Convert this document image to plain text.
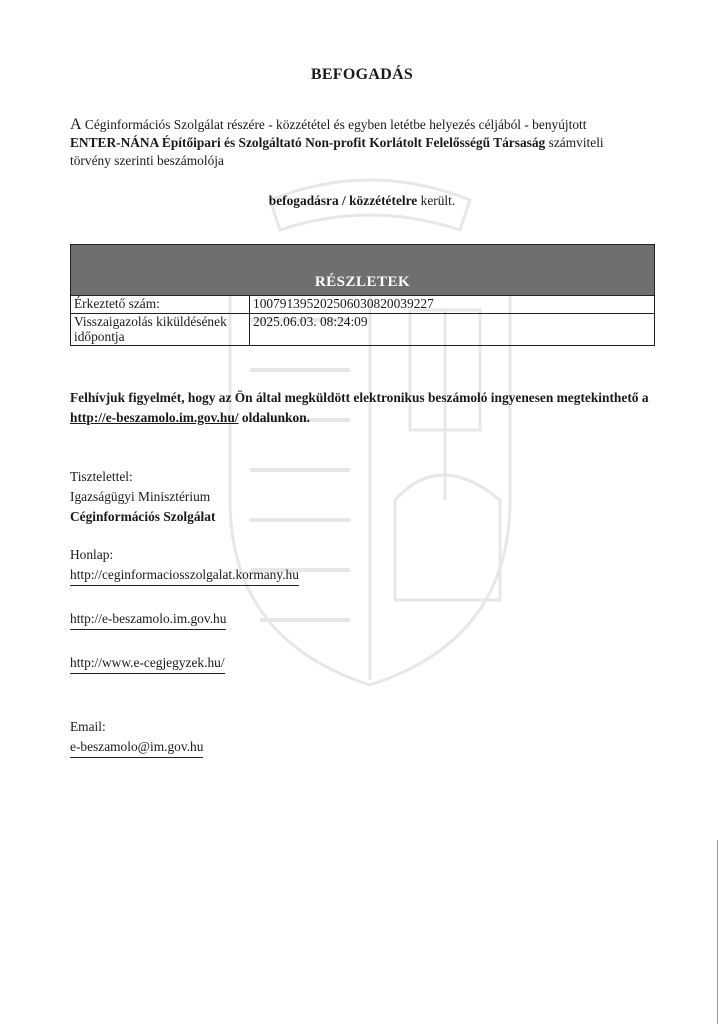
BEFOGADÁS
A Céginformációs Szolgálat részére - közzététel és egyben letétbe helyezés céljából - benyújtott
ENTER-NÁNA Építőipari és Szolgáltató Non-profit Korlátolt Felelősségű Társaság számviteli
törvény szerinti beszámolója
befogadásra / közzétételre került.
RÉSZLETEK	
Érkeztető szám:	100791395202506030820039227
Visszaigazolás kiküldésének időpontja	2025.06.03. 08:24:09
Felhívjuk figyelmét, hogy az Ön által megküldött elektronikus beszámoló ingyenesen megtekinthető a http://e-beszamolo.im.gov.hu/ oldalunkon.
Tisztelettel:
Igazságügyi Minisztérium
Céginformációs Szolgálat
Honlap:
http://ceginformaciosszolgalat.kormany.hu
http://e-beszamolo.im.gov.hu
http://www.e-cegjegyzek.hu/
Email:
e-beszamolo@im.gov.hu
